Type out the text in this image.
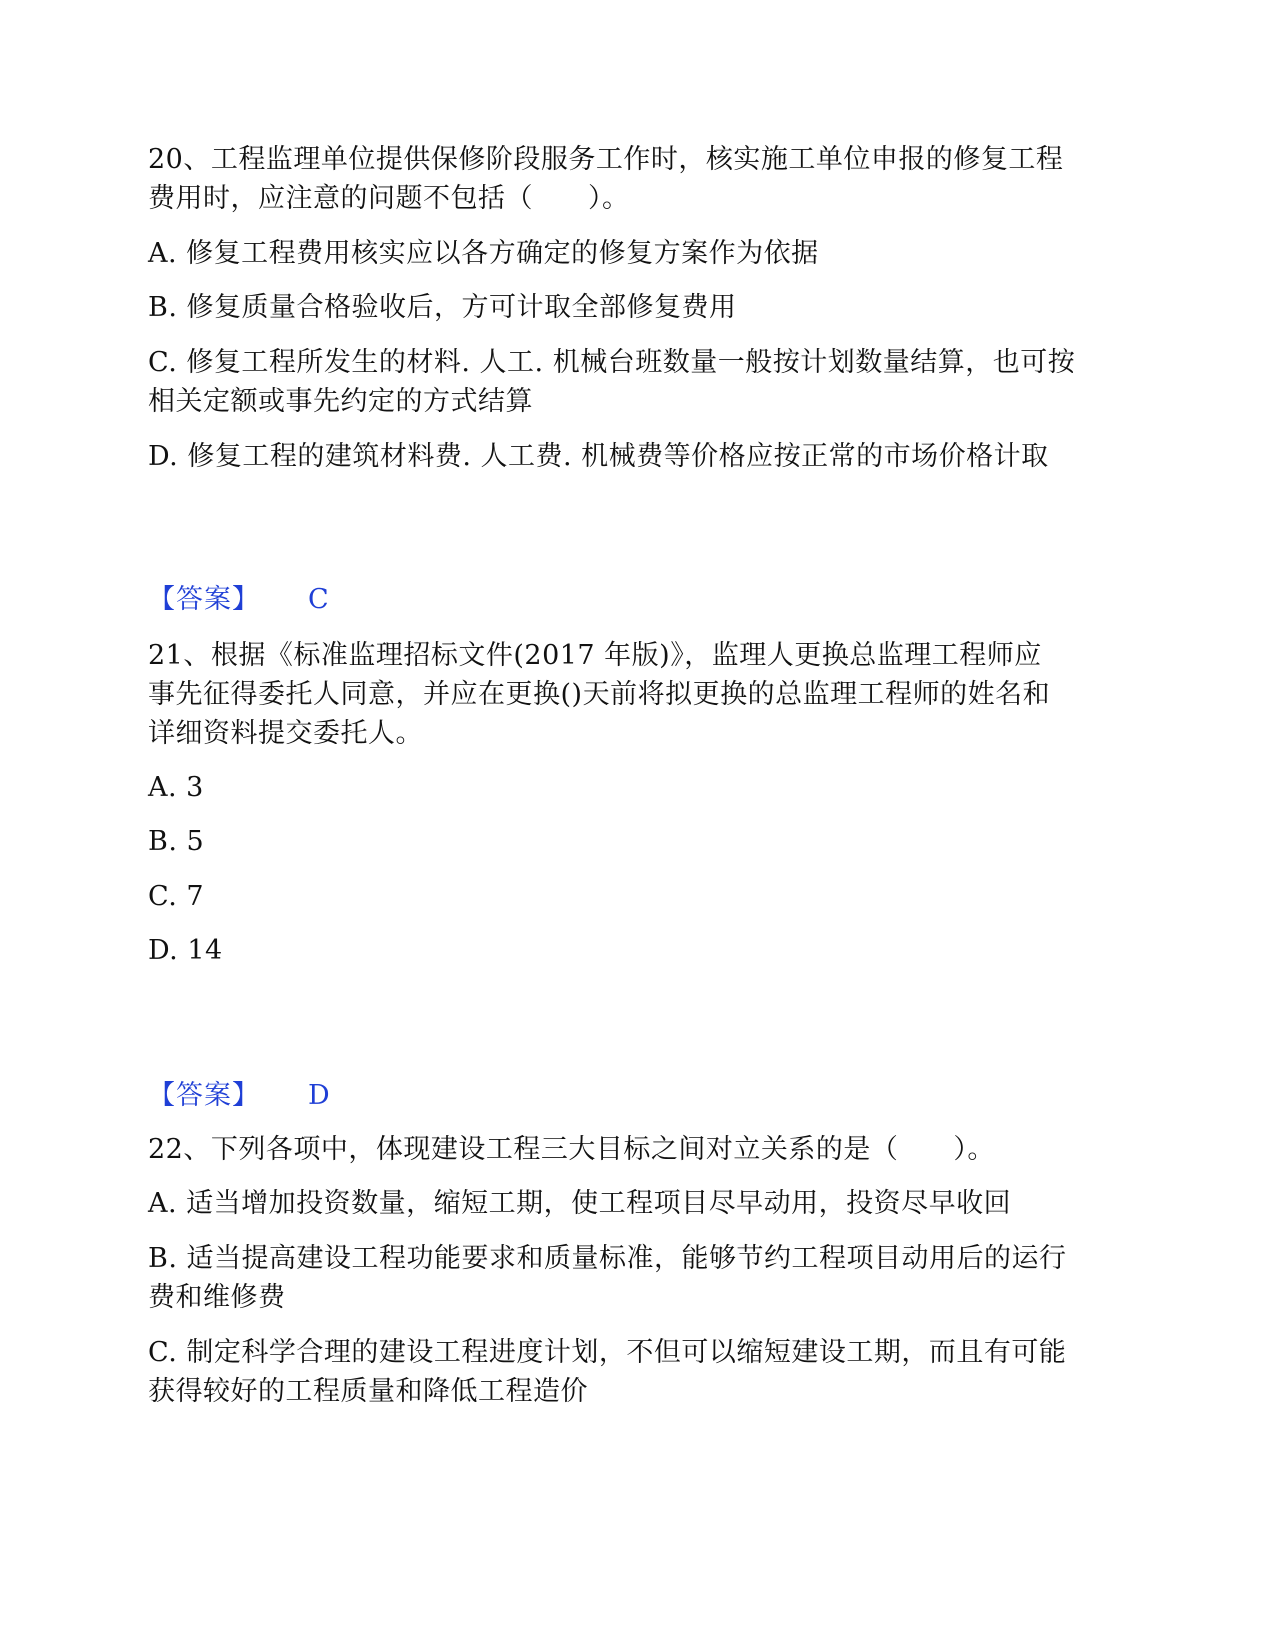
20、工程监理单位提供保修阶段服务工作时，核实施工单位申报的修复工程
费用时，应注意的问题不包括（　　）。
A. 修复工程费用核实应以各方确定的修复方案作为依据
B. 修复质量合格验收后，方可计取全部修复费用
C. 修复工程所发生的材料. 人工. 机械台班数量一般按计划数量结算，也可按
相关定额或事先约定的方式结算
D. 修复工程的建筑材料费. 人工费. 机械费等价格应按正常的市场价格计取
【答案】 C
21、根据《标准监理招标文件(2017 年版)》，监理人更换总监理工程师应
事先征得委托人同意，并应在更换()天前将拟更换的总监理工程师的姓名和
详细资料提交委托人。
A. 3
B. 5
C. 7
D. 14
【答案】 D
22、下列各项中，体现建设工程三大目标之间对立关系的是（　　）。
A. 适当增加投资数量，缩短工期，使工程项目尽早动用，投资尽早收回
B. 适当提高建设工程功能要求和质量标准，能够节约工程项目动用后的运行
费和维修费
C. 制定科学合理的建设工程进度计划，不但可以缩短建设工期，而且有可能
获得较好的工程质量和降低工程造价
